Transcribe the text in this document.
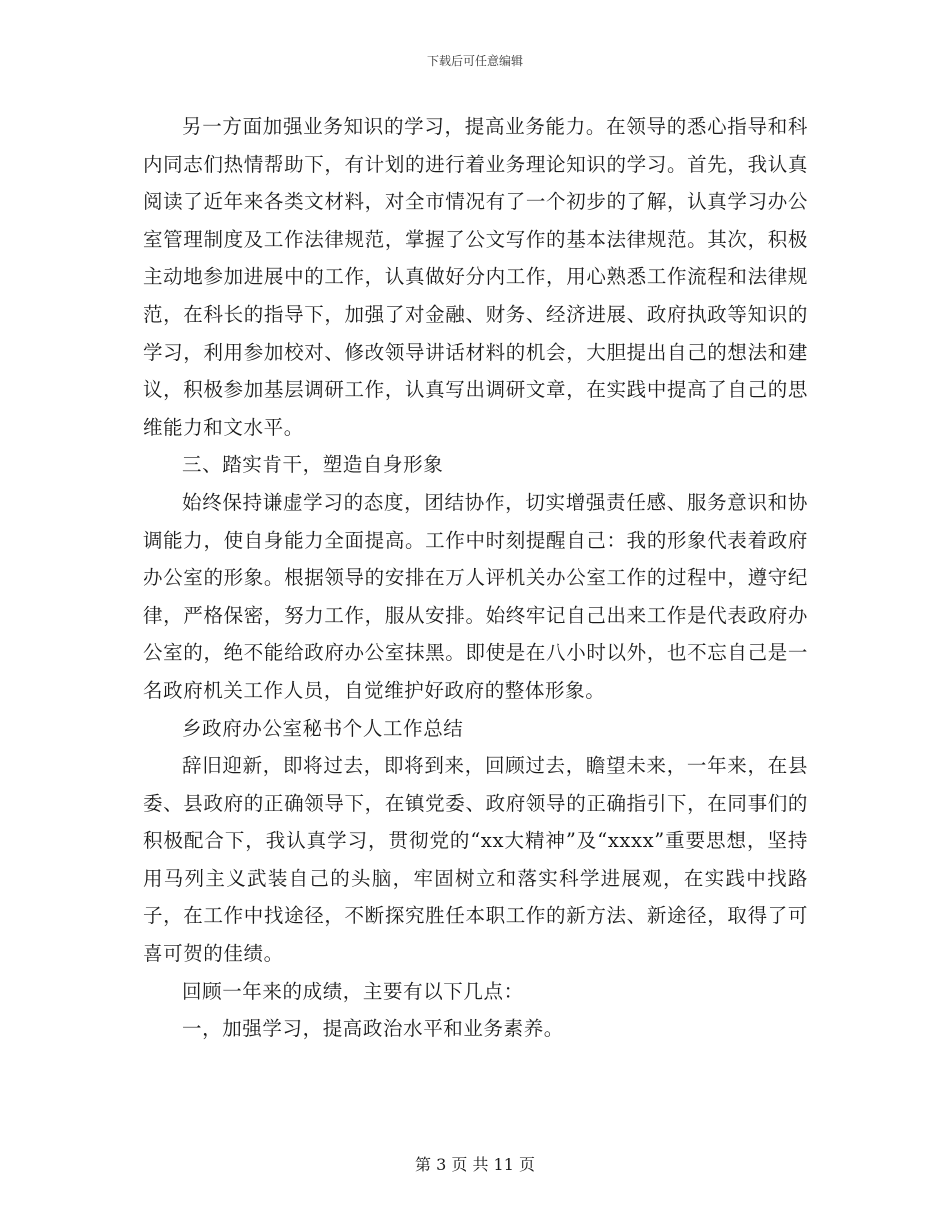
下载后可任意编辑

另一方面加强业务知识的学习，提高业务能力。在领导的悉心指导和科内同志们热情帮助下，有计划的进行着业务理论知识的学习。首先，我认真阅读了近年来各类文材料，对全市情况有了一个初步的了解，认真学习办公室管理制度及工作法律规范，掌握了公文写作的基本法律规范。其次，积极主动地参加进展中的工作，认真做好分内工作，用心熟悉工作流程和法律规范，在科长的指导下，加强了对金融、财务、经济进展、政府执政等知识的学习，利用参加校对、修改领导讲话材料的机会，大胆提出自己的想法和建议，积极参加基层调研工作，认真写出调研文章，在实践中提高了自己的思维能力和文水平。

三、踏实肯干，塑造自身形象

始终保持谦虚学习的态度，团结协作，切实增强责任感、服务意识和协调能力，使自身能力全面提高。工作中时刻提醒自己：我的形象代表着政府办公室的形象。根据领导的安排在万人评机关办公室工作的过程中，遵守纪律，严格保密，努力工作，服从安排。始终牢记自己出来工作是代表政府办公室的，绝不能给政府办公室抹黑。即使是在八小时以外，也不忘自己是一名政府机关工作人员，自觉维护好政府的整体形象。

乡政府办公室秘书个人工作总结

辞旧迎新，即将过去，即将到来，回顾过去，瞻望未来，一年来，在县委、县政府的正确领导下，在镇党委、政府领导的正确指引下，在同事们的积极配合下，我认真学习，贯彻党的“xx大精神”及“xxxx”重要思想，坚持用马列主义武装自己的头脑，牢固树立和落实科学进展观，在实践中找路子，在工作中找途径，不断探究胜任本职工作的新方法、新途径，取得了可喜可贺的佳绩。

回顾一年来的成绩，主要有以下几点：

一，加强学习，提高政治水平和业务素养。

第 3 页 共 11 页
